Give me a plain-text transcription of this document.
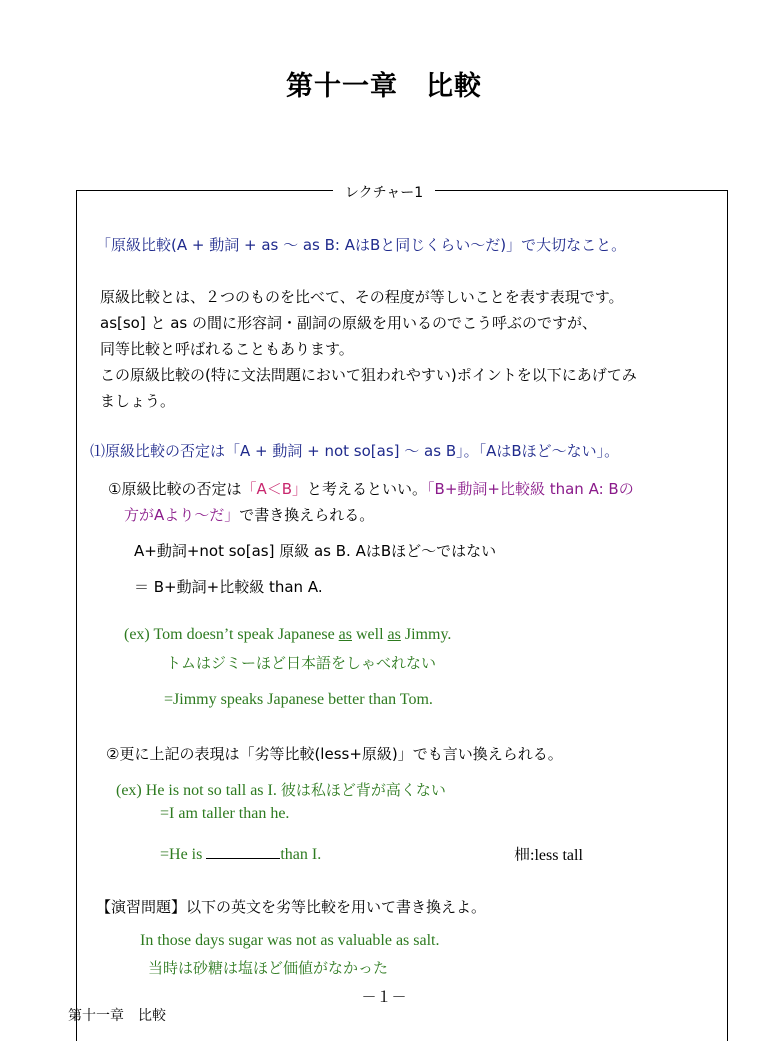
第十一章　比較
レクチャー1
「原級比較(A + 動詞 + as 〜 as B: AはBと同じくらい〜だ)」で大切なこと。
原級比較とは、２つのものを比べて、その程度が等しいことを表す表現です。
as[so] と as の間に形容詞・副詞の原級を用いるのでこう呼ぶのですが、
同等比較と呼ばれることもあります。
この原級比較の(特に文法問題において狙われやすい)ポイントを以下にあげてみ
ましょう。
⑴原級比較の否定は「A + 動詞 + not so[as] 〜 as B」。「AはBほど〜ない」。
①原級比較の否定は「A＜B」と考えるといい。「B+動詞+比較級 than A: Bの
方がAより〜だ」で書き換えられる。
A+動詞+not so[as] 原級 as B. AはBほど〜ではない
＝ B+動詞+比較級 than A.
(ex) Tom doesn’t speak Japanese as well as Jimmy.
トムはジミーほど日本語をしゃべれない
=Jimmy speaks Japanese better than Tom.
②更に上記の表現は「劣等比較(less+原級)」でも言い換えられる。
(ex) He is not so tall as I. 彼は私ほど背が高くない
=I am taller than he.
=He is	than I.	𣐬:less tall
【演習問題】以下の英文を劣等比較を用いて書き換えよ。
In those days sugar was not as valuable as salt.
当時は砂糖は塩ほど価値がなかった
－１－
第十一章　比較
